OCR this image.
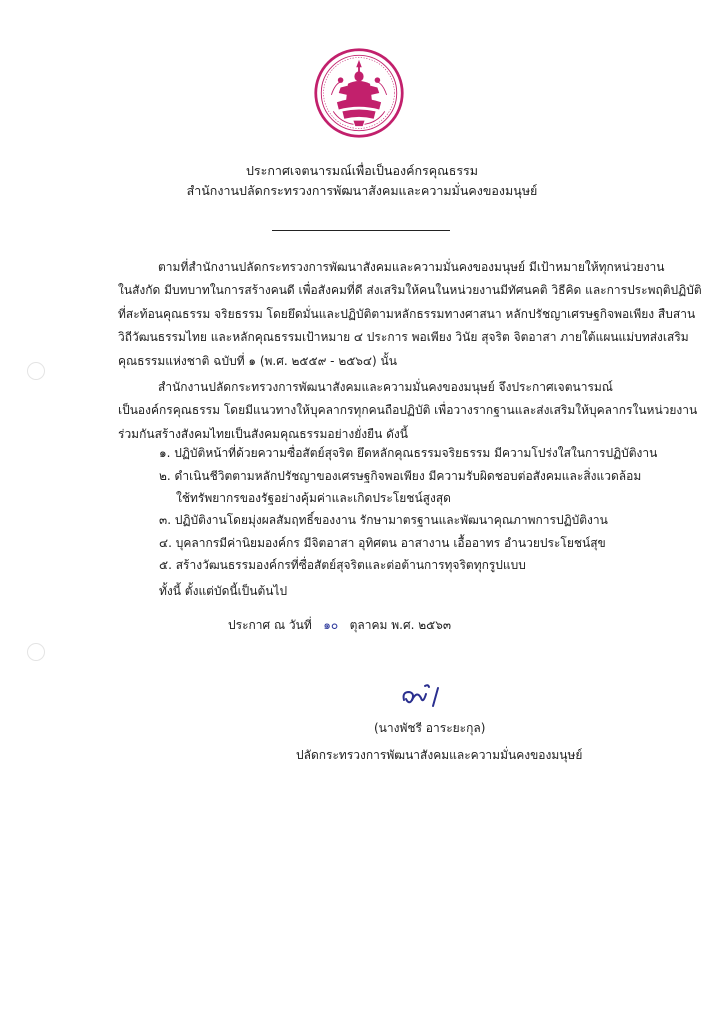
ประกาศเจตนารมณ์เพื่อเป็นองค์กรคุณธรรม
สำนักงานปลัดกระทรวงการพัฒนาสังคมและความมั่นคงของมนุษย์
ตามที่สำนักงานปลัดกระทรวงการพัฒนาสังคมและความมั่นคงของมนุษย์ มีเป้าหมายให้ทุกหน่วยงาน
ในสังกัด มีบทบาทในการสร้างคนดี เพื่อสังคมที่ดี ส่งเสริมให้คนในหน่วยงานมีทัศนคติ วิธีคิด และการประพฤติปฏิบัติ
ที่สะท้อนคุณธรรม จริยธรรม โดยยึดมั่นและปฏิบัติตามหลักธรรมทางศาสนา หลักปรัชญาเศรษฐกิจพอเพียง สืบสาน
วิถีวัฒนธรรมไทย และหลักคุณธรรมเป้าหมาย ๔ ประการ พอเพียง วินัย สุจริต จิตอาสา ภายใต้แผนแม่บทส่งเสริม
คุณธรรมแห่งชาติ ฉบับที่ ๑ (พ.ศ. ๒๕๕๙ - ๒๕๖๔) นั้น
สำนักงานปลัดกระทรวงการพัฒนาสังคมและความมั่นคงของมนุษย์ จึงประกาศเจตนารมณ์
เป็นองค์กรคุณธรรม โดยมีแนวทางให้บุคลากรทุกคนถือปฏิบัติ เพื่อวางรากฐานและส่งเสริมให้บุคลากรในหน่วยงาน
ร่วมกันสร้างสังคมไทยเป็นสังคมคุณธรรมอย่างยั่งยืน ดังนี้
๑. ปฏิบัติหน้าที่ด้วยความซื่อสัตย์สุจริต ยึดหลักคุณธรรมจริยธรรม มีความโปร่งใสในการปฏิบัติงาน
๒. ดำเนินชีวิตตามหลักปรัชญาของเศรษฐกิจพอเพียง มีความรับผิดชอบต่อสังคมและสิ่งแวดล้อม
ใช้ทรัพยากรของรัฐอย่างคุ้มค่าและเกิดประโยชน์สูงสุด
๓. ปฏิบัติงานโดยมุ่งผลสัมฤทธิ์ของงาน รักษามาตรฐานและพัฒนาคุณภาพการปฏิบัติงาน
๔. บุคลากรมีค่านิยมองค์กร มีจิตอาสา อุทิศตน อาสางาน เอื้ออาทร อำนวยประโยชน์สุข
๕. สร้างวัฒนธรรมองค์กรที่ซื่อสัตย์สุจริตและต่อต้านการทุจริตทุกรูปแบบ
ทั้งนี้ ตั้งแต่บัดนี้เป็นต้นไป
ประกาศ ณ วันที่ ๑๐ ตุลาคม พ.ศ. ๒๕๖๓
(นางพัชรี อาระยะกุล)
ปลัดกระทรวงการพัฒนาสังคมและความมั่นคงของมนุษย์
